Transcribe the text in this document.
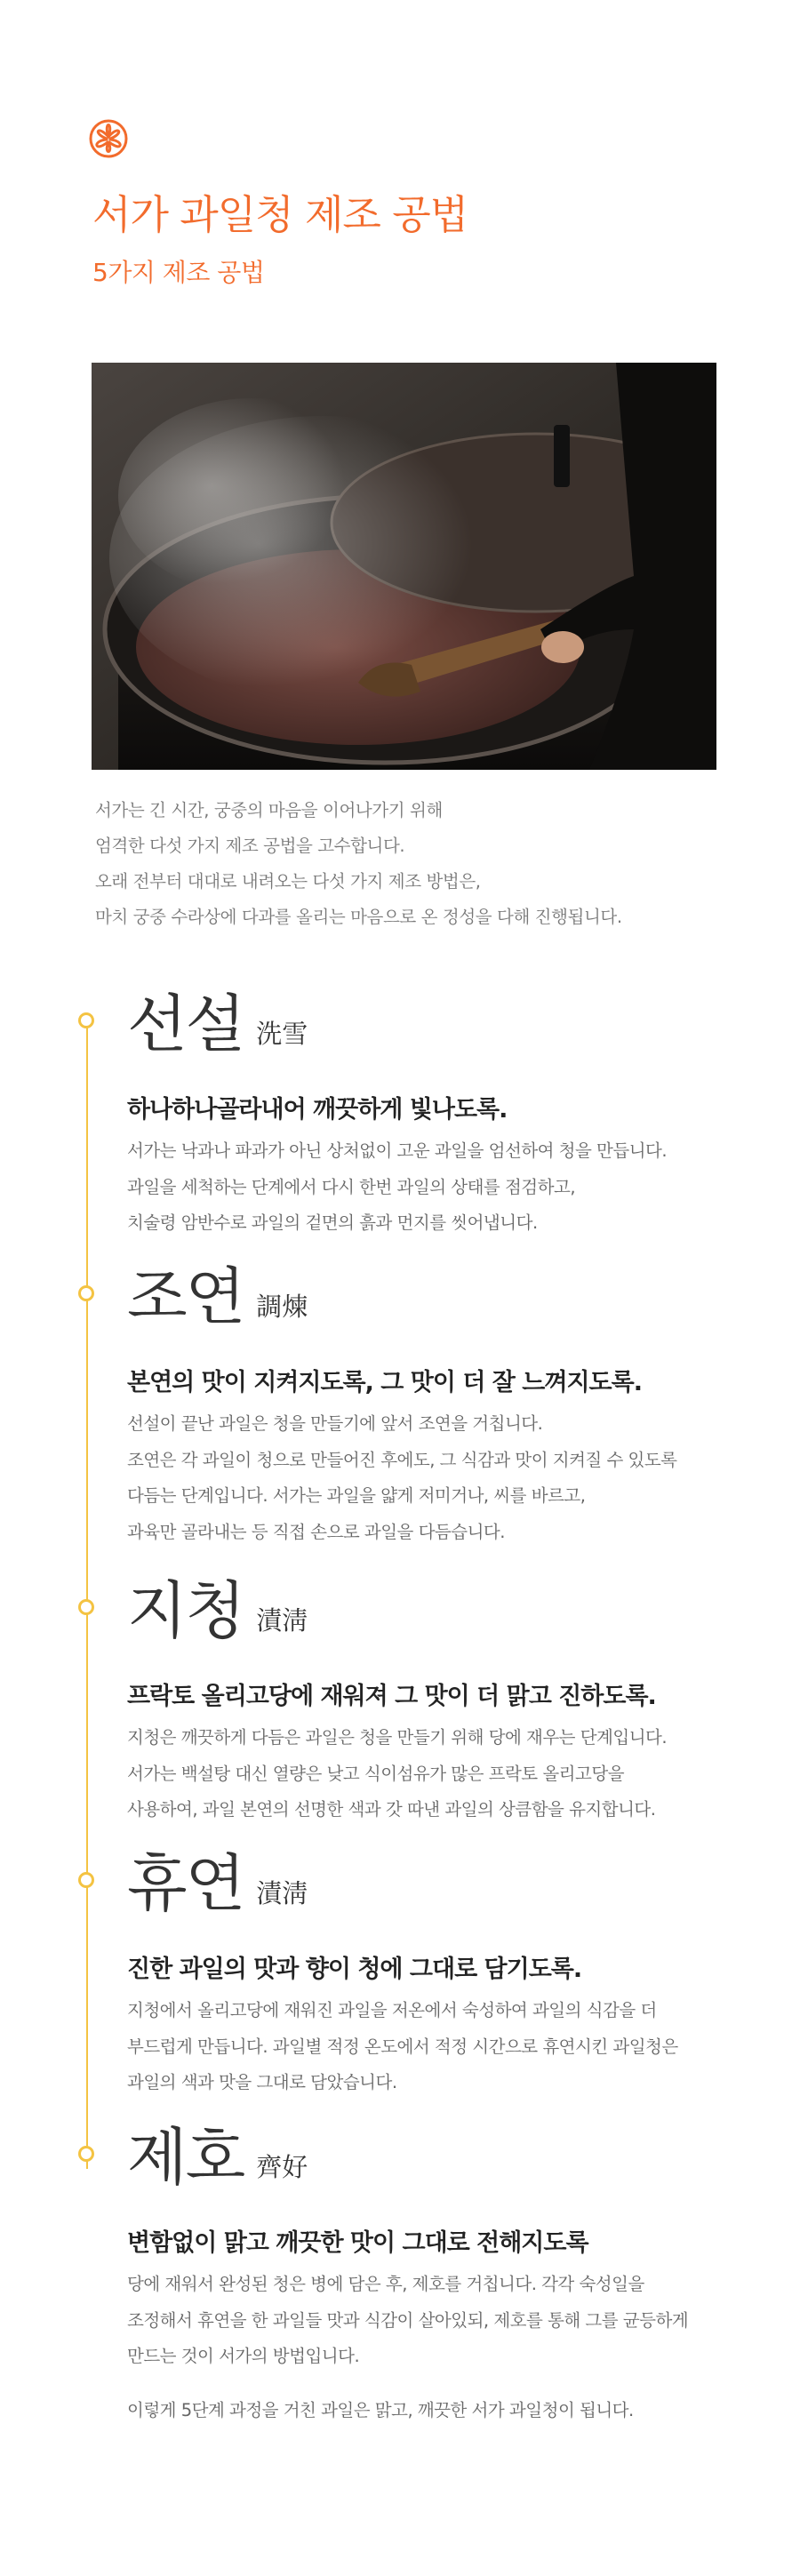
서가 과일청 제조 공법
5가지 제조 공법

서가는 긴 시간, 궁중의 마음을 이어나가기 위해

엄격한 다섯 가지 제조 공법을 고수합니다.

오래 전부터 대대로 내려오는 다섯 가지 제조 방법은,

마치 궁중 수라상에 다과를 올리는 마음으로 온 정성을 다해 진행됩니다.

선설 洗雪
하나하나골라내어 깨끗하게 빛나도록.

서가는 낙과나 파과가 아닌 상처없이 고운 과일을 엄선하여 청을 만듭니다.

과일을 세척하는 단계에서 다시 한번 과일의 상태를 점검하고,

치술령 암반수로 과일의 겉면의 흙과 먼지를 씻어냅니다.

조연 調煉
본연의 맛이 지켜지도록, 그 맛이 더 잘 느껴지도록.

선설이 끝난 과일은 청을 만들기에 앞서 조연을 거칩니다.

조연은 각 과일이 청으로 만들어진 후에도, 그 식감과 맛이 지켜질 수 있도록

다듬는 단계입니다. 서가는 과일을 얇게 저미거나, 씨를 바르고,

과육만 골라내는 등 직접 손으로 과일을 다듬습니다.

지청 漬淸
프락토 올리고당에 재워져 그 맛이 더 맑고 진하도록.

지청은 깨끗하게 다듬은 과일은 청을 만들기 위해 당에 재우는 단계입니다.

서가는 백설탕 대신 열량은 낮고 식이섬유가 많은 프락토 올리고당을

사용하여, 과일 본연의 선명한 색과 갓 따낸 과일의 상큼함을 유지합니다.

휴연 漬淸
진한 과일의 맛과 향이 청에 그대로 담기도록.

지청에서 올리고당에 재워진 과일을 저온에서 숙성하여 과일의 식감을 더

부드럽게 만듭니다. 과일별 적정 온도에서 적정 시간으로 휴연시킨 과일청은

과일의 색과 맛을 그대로 담았습니다.

제호 齊好
변함없이 맑고 깨끗한 맛이 그대로 전해지도록

당에 재워서 완성된 청은 병에 담은 후, 제호를 거칩니다. 각각 숙성일을

조정해서 휴연을 한 과일들 맛과 식감이 살아있되, 제호를 통해 그를 균등하게

만드는 것이 서가의 방법입니다.

이렇게 5단계 과정을 거친 과일은 맑고, 깨끗한 서가 과일청이 됩니다.
